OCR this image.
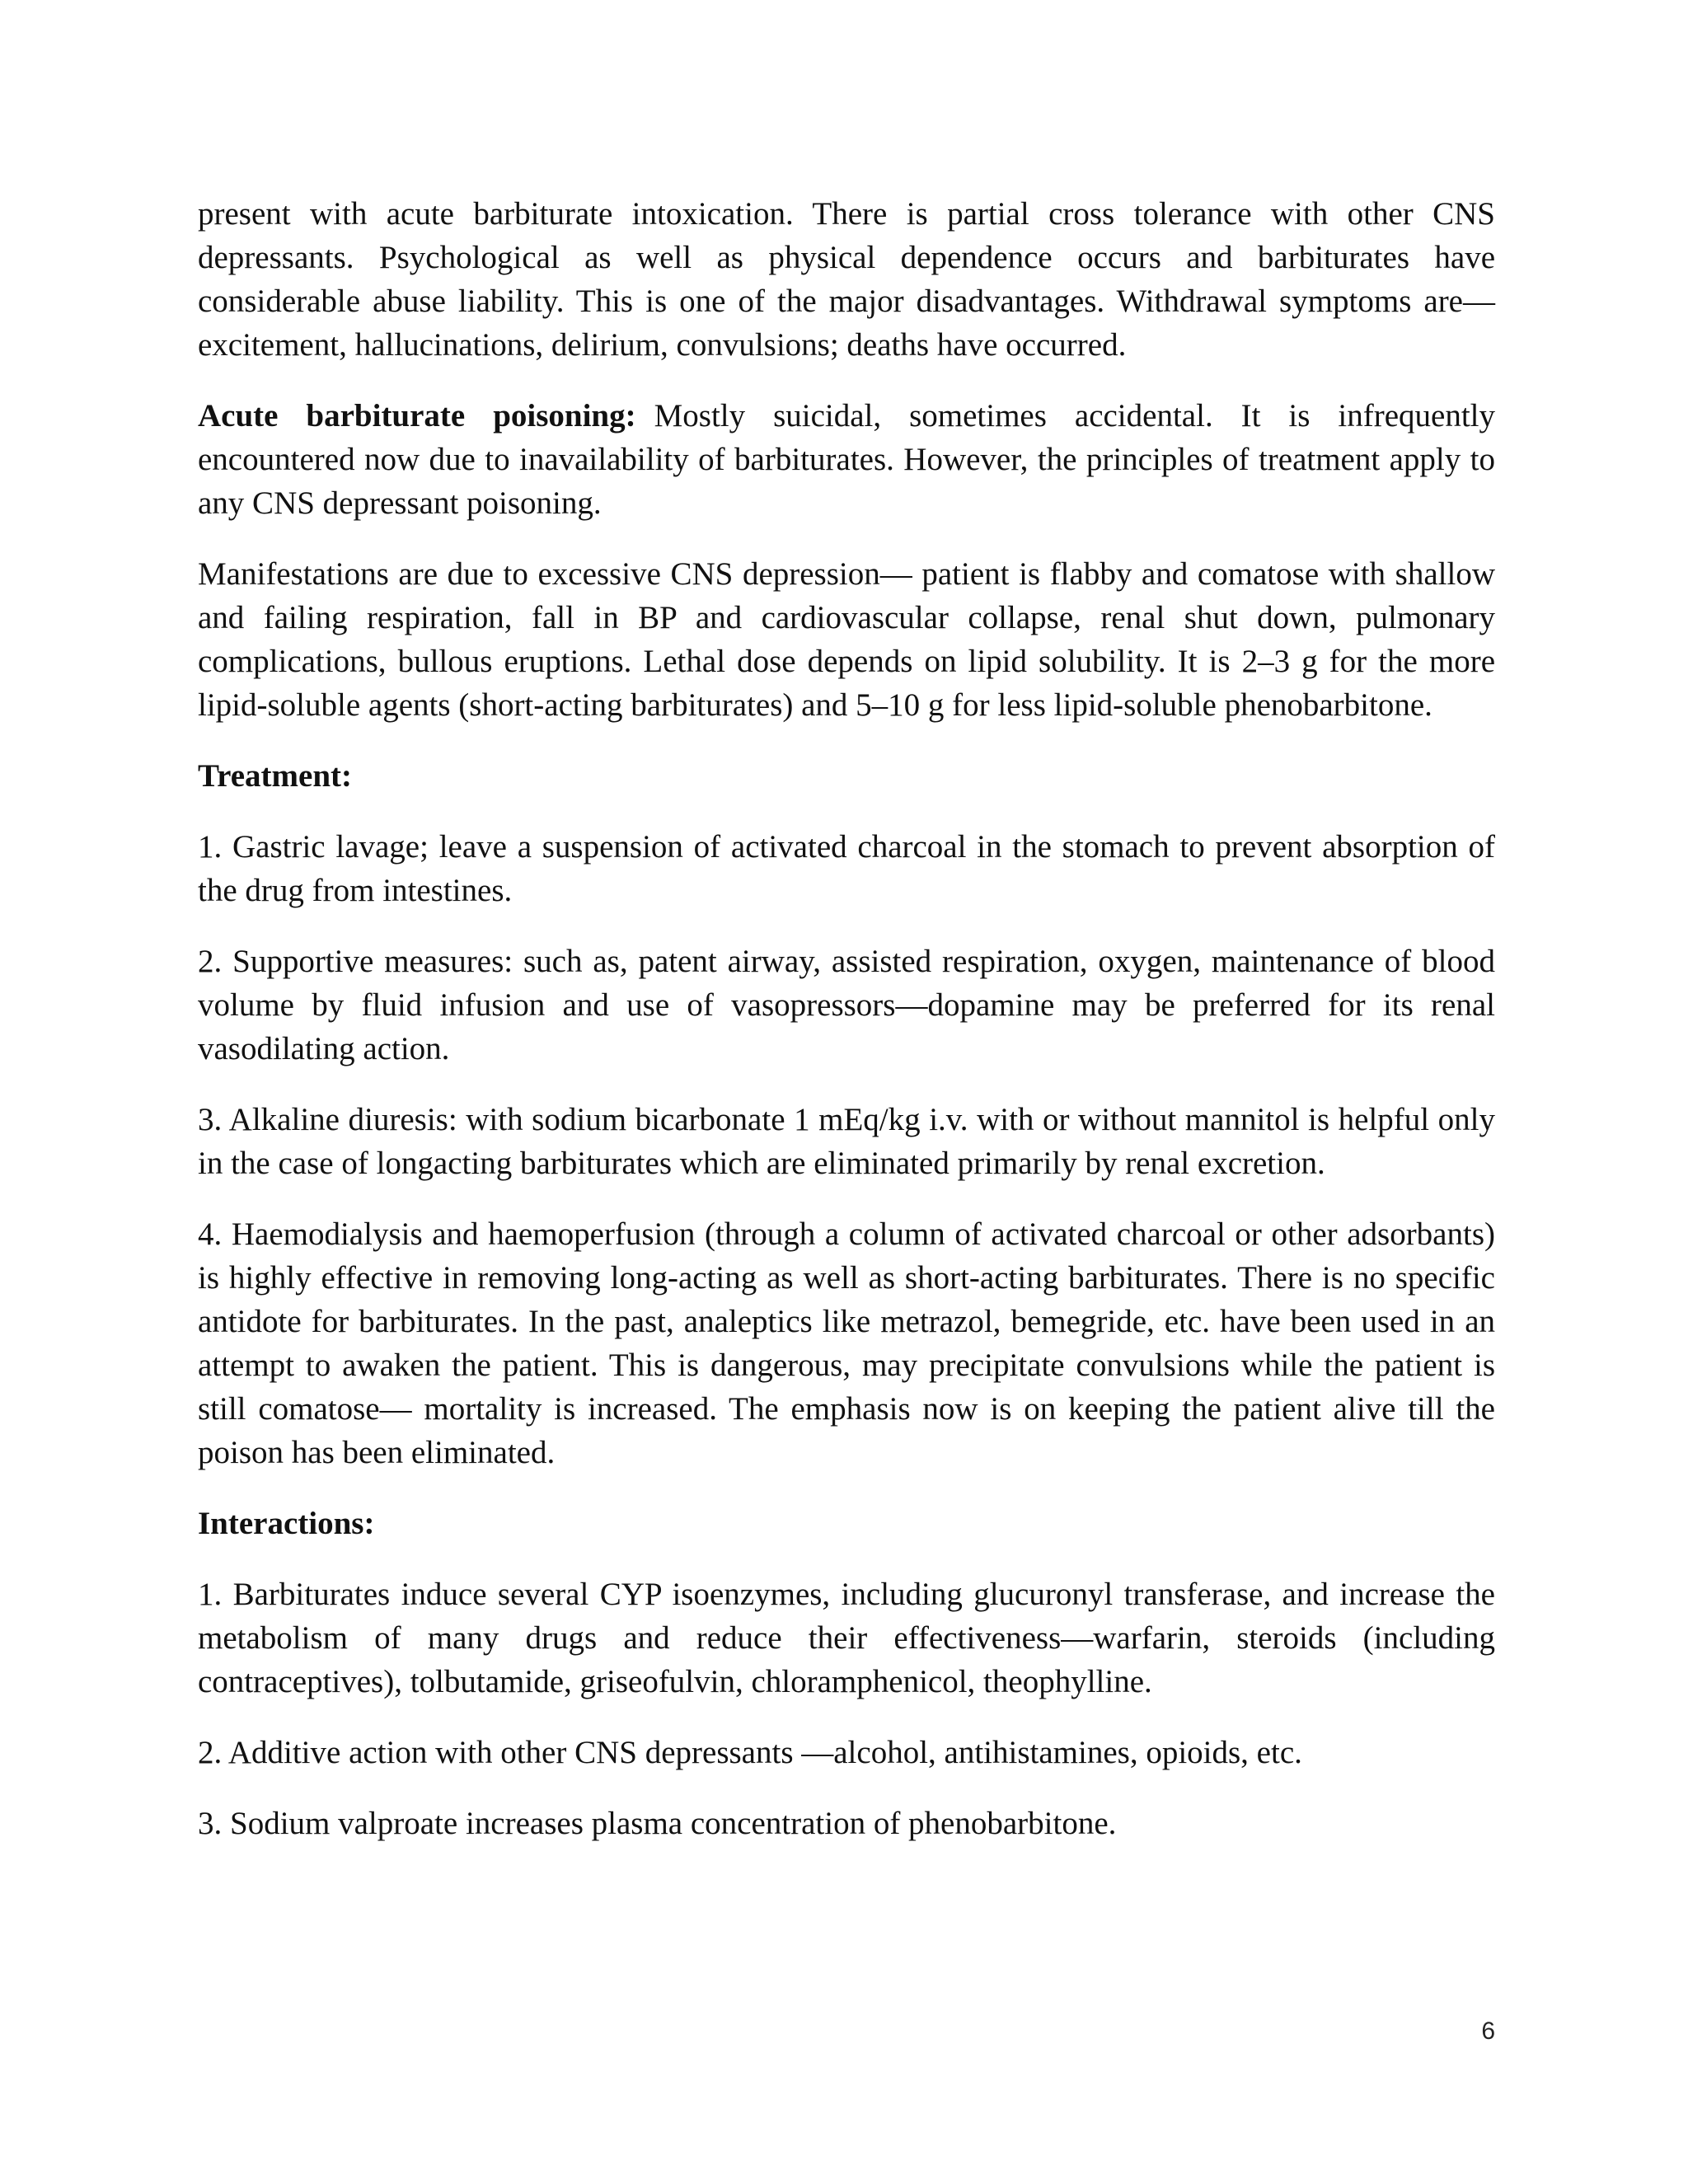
present with acute barbiturate intoxication. There is partial cross tolerance with other CNS depressants. Psychological as well as physical dependence occurs and barbiturates have considerable abuse liability. This is one of the major disadvantages. Withdrawal symptoms are— excitement, hallucinations, delirium, convulsions; deaths have occurred.

Acute barbiturate poisoning: Mostly suicidal, sometimes accidental. It is infrequently encountered now due to inavailability of barbiturates. However, the principles of treatment apply to any CNS depressant poisoning.

Manifestations are due to excessive CNS depression— patient is flabby and comatose with shallow and failing respiration, fall in BP and cardiovascular collapse, renal shut down, pulmonary complications, bullous eruptions. Lethal dose depends on lipid solubility. It is 2–3 g for the more lipid-soluble agents (short-acting barbiturates) and 5–10 g for less lipid-soluble phenobarbitone.

Treatment:

1. Gastric lavage; leave a suspension of activated charcoal in the stomach to prevent absorption of the drug from intestines.

2. Supportive measures: such as, patent airway, assisted respiration, oxygen, maintenance of blood volume by fluid infusion and use of vasopressors—dopamine may be preferred for its renal vasodilating action.

3. Alkaline diuresis: with sodium bicarbonate 1 mEq/kg i.v. with or without mannitol is helpful only in the case of longacting barbiturates which are eliminated primarily by renal excretion.

4. Haemodialysis and haemoperfusion (through a column of activated charcoal or other adsorbants) is highly effective in removing long-acting as well as short-acting barbiturates. There is no specific antidote for barbiturates. In the past, analeptics like metrazol, bemegride, etc. have been used in an attempt to awaken the patient. This is dangerous, may precipitate convulsions while the patient is still comatose— mortality is increased. The emphasis now is on keeping the patient alive till the poison has been eliminated.

Interactions:

1. Barbiturates induce several CYP isoenzymes, including glucuronyl transferase, and increase the metabolism of many drugs and reduce their effectiveness—warfarin, steroids (including contraceptives), tolbutamide, griseofulvin, chloramphenicol, theophylline.

2. Additive action with other CNS depressants —alcohol, antihistamines, opioids, etc.

3. Sodium valproate increases plasma concentration of phenobarbitone.

6
